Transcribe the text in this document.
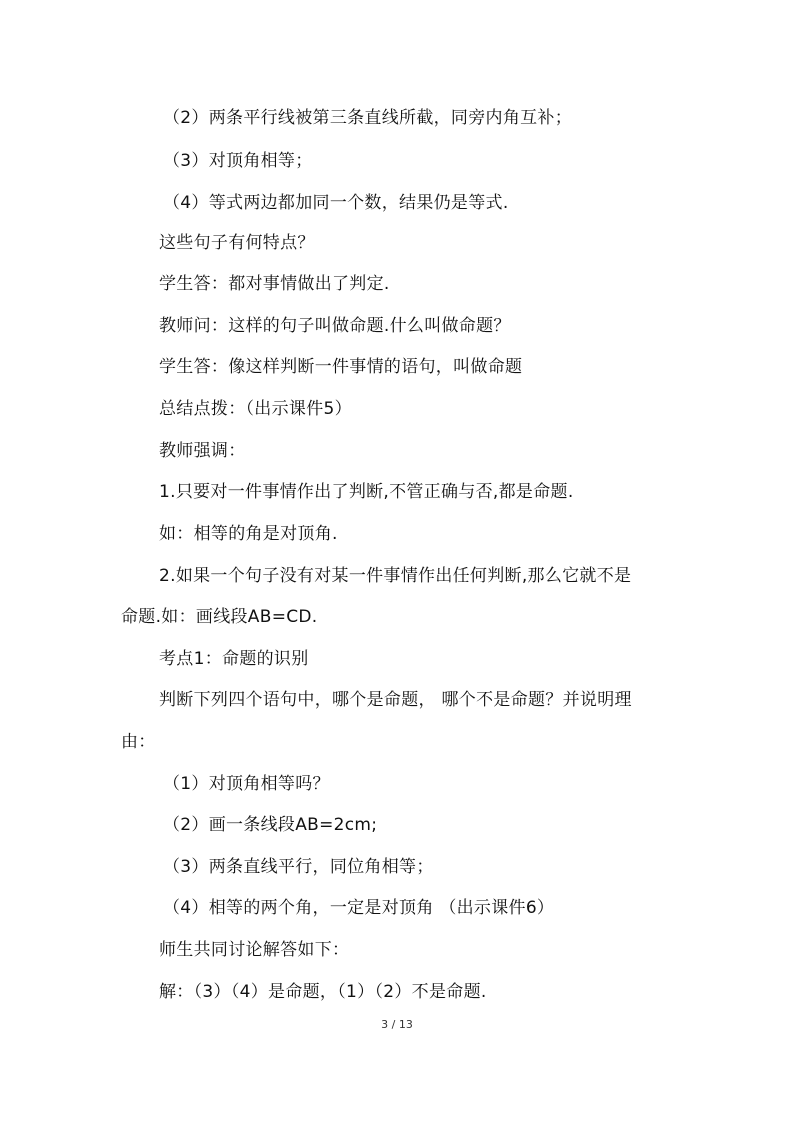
（2）两条平行线被第三条直线所截，同旁内角互补；
（3）对顶角相等；
（4）等式两边都加同一个数，结果仍是等式.
这些句子有何特点？
学生答：都对事情做出了判定.
教师问：这样的句子叫做命题.什么叫做命题？
学生答：像这样判断一件事情的语句，叫做命题
总结点拨：（出示课件5）
教师强调：
1.只要对一件事情作出了判断,不管正确与否,都是命题.
如：相等的角是对顶角.
2.如果一个句子没有对某一件事情作出任何判断,那么它就不是
命题.如：画线段AB=CD.
考点1：命题的识别
判断下列四个语句中，哪个是命题， 哪个不是命题？并说明理
由：
（1）对顶角相等吗？
（2）画一条线段AB=2cm;
（3）两条直线平行，同位角相等；
（4）相等的两个角，一定是对顶角 （出示课件6）
师生共同讨论解答如下：
解：（3）（4）是命题，（1）（2）不是命题.
3 / 13
